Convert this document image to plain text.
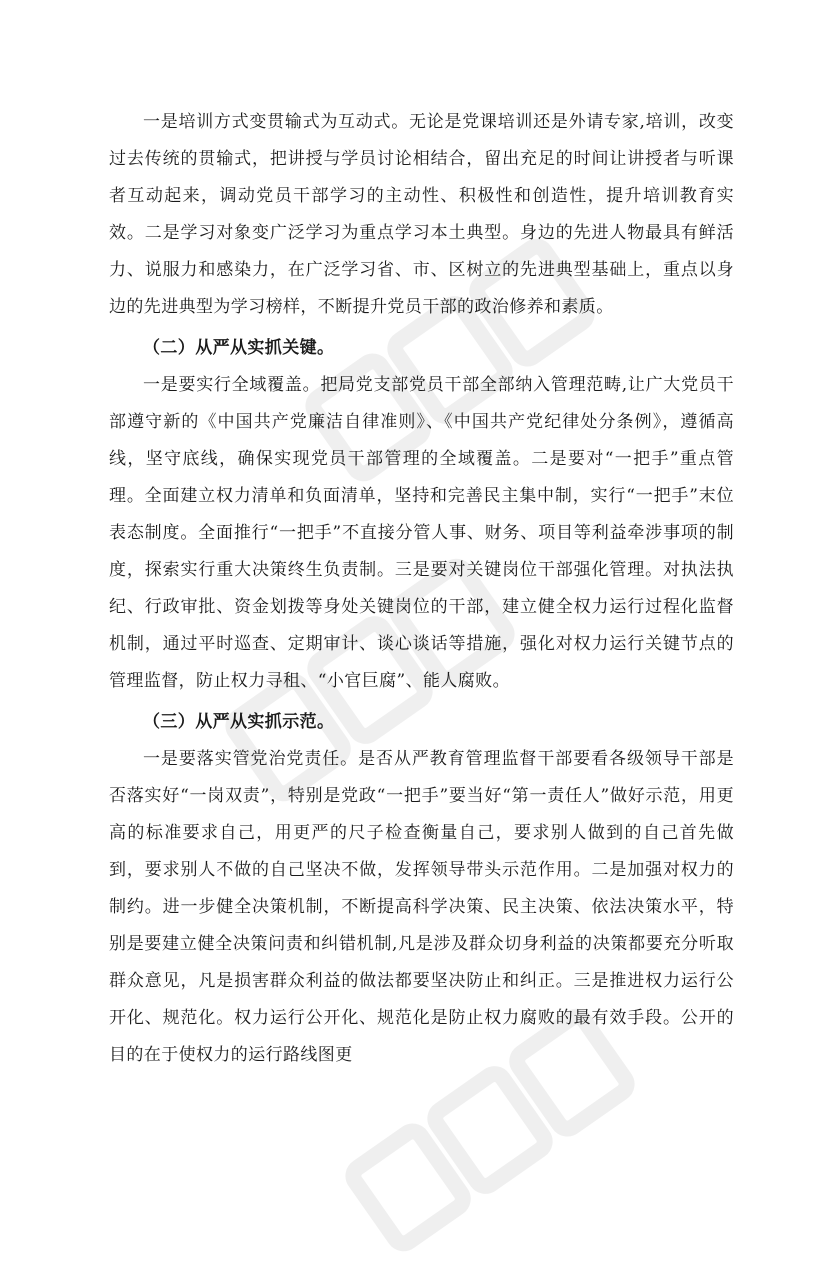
一是培训方式变贯输式为互动式。无论是党课培训还是外请专家,培训，改变过去传统的贯输式，把讲授与学员讨论相结合，留出充足的时间让讲授者与听课者互动起来，调动党员干部学习的主动性、积极性和创造性，提升培训教育实效。二是学习对象变广泛学习为重点学习本土典型。身边的先进人物最具有鲜活力、说服力和感染力，在广泛学习省、市、区树立的先进典型基础上，重点以身边的先进典型为学习榜样，不断提升党员干部的政治修养和素质。

（二）从严从实抓关键。

一是要实行全域覆盖。把局党支部党员干部全部纳入管理范畴,让广大党员干部遵守新的《中国共产党廉洁自律准则》、《中国共产党纪律处分条例》，遵循高线，坚守底线，确保实现党员干部管理的全域覆盖。二是要对“一把手”重点管理。全面建立权力清单和负面清单，坚持和完善民主集中制，实行“一把手”末位表态制度。全面推行“一把手”不直接分管人事、财务、项目等利益牵涉事项的制度，探索实行重大决策终生负责制。三是要对关键岗位干部强化管理。对执法执纪、行政审批、资金划拨等身处关键岗位的干部，建立健全权力运行过程化监督机制，通过平时巡查、定期审计、谈心谈话等措施，强化对权力运行关键节点的管理监督，防止权力寻租、“小官巨腐”、能人腐败。

（三）从严从实抓示范。

一是要落实管党治党责任。是否从严教育管理监督干部要看各级领导干部是否落实好“一岗双责”，特别是党政“一把手”要当好“第一责任人”做好示范，用更高的标准要求自己，用更严的尺子检查衡量自己，要求别人做到的自己首先做到，要求别人不做的自己坚决不做，发挥领导带头示范作用。二是加强对权力的制约。进一步健全决策机制，不断提高科学决策、民主决策、依法决策水平，特别是要建立健全决策问责和纠错机制,凡是涉及群众切身利益的决策都要充分听取群众意见，凡是损害群众利益的做法都要坚决防止和纠正。三是推进权力运行公开化、规范化。权力运行公开化、规范化是防止权力腐败的最有效手段。公开的目的在于使权力的运行路线图更
